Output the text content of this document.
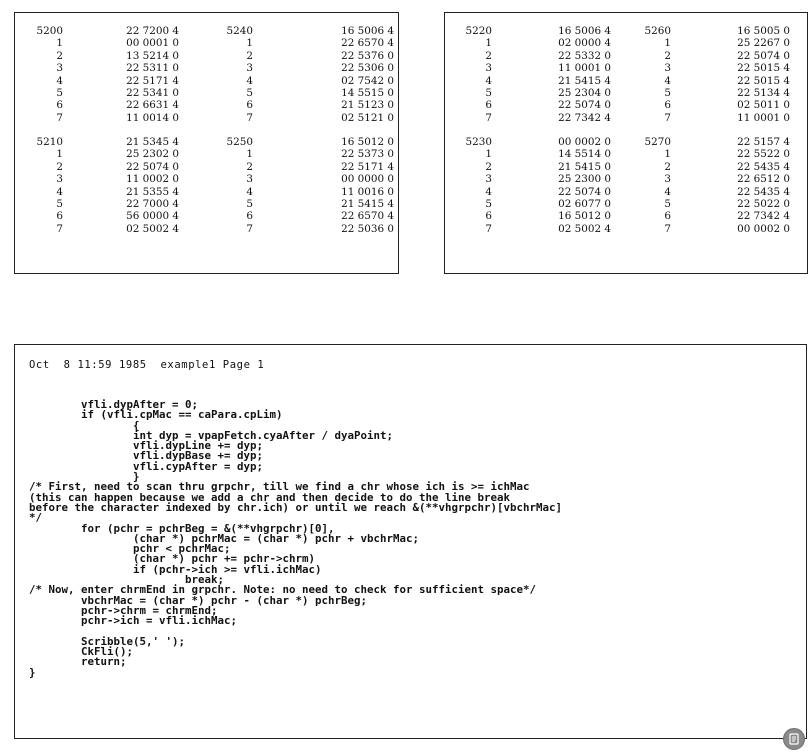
5200	22 7200 4	5240	16 5006 4
1	00 0001 0	1	22 6570 4
2	13 5214 0	2	22 5376 0
3	22 5311 0	3	22 5306 0
4	22 5171 4	4	02 7542 0
5	22 5341 0	5	14 5515 0
6	22 6631 4	6	21 5123 0
7	11 0014 0	7	02 5121 0
5210	21 5345 4	5250	16 5012 0
1	25 2302 0	1	22 5373 0
2	22 5074 0	2	22 5171 4
3	11 0002 0	3	00 0000 0
4	21 5355 4	4	11 0016 0
5	22 7000 4	5	21 5415 4
6	56 0000 4	6	22 6570 4
7	02 5002 4	7	22 5036 0
5220	16 5006 4	5260	16 5005 0
1	02 0000 4	1	25 2267 0
2	22 5332 0	2	22 5074 0
3	11 0001 0	3	22 5015 4
4	21 5415 4	4	22 5015 4
5	25 2304 0	5	22 5134 4
6	22 5074 0	6	02 5011 0
7	22 7342 4	7	11 0001 0
5230	00 0002 0	5270	22 5157 4
1	14 5514 0	1	22 5522 0
2	21 5415 0	2	22 5435 4
3	25 2300 0	3	22 6512 0
4	22 5074 0	4	22 5435 4
5	02 6077 0	5	22 5022 0
6	16 5012 0	6	22 7342 4
7	02 5002 4	7	00 0002 0
Oct  8 11:59 1985  example1 Page 1
vfli.dypAfter = 0;
if (vfli.cpMac == caPara.cpLim)
{
int dyp = vpapFetch.cyaAfter / dyaPoint;
vfli.dypLine += dyp;
vfli.dypBase += dyp;
vfli.cypAfter = dyp;
}
/* First, need to scan thru grpchr, till we find a chr whose ich is >= ichMac
(this can happen because we add a chr and then decide to do the line break
before the character indexed by chr.ich) or until we reach &(**vhgrpchr)[vbchrMac]
*/
for (pchr = pchrBeg = &(**vhgrpchr)[0],
(char *) pchrMac = (char *) pchr + vbchrMac;
pchr < pchrMac;
(char *) pchr += pchr->chrm)
if (pchr->ich >= vfli.ichMac)
break;
/* Now, enter chrmEnd in grpchr. Note: no need to check for sufficient space*/
vbchrMac = (char *) pchr - (char *) pchrBeg;
pchr->chrm = chrmEnd;
pchr->ich = vfli.ichMac;

Scribble(5,' ');
CkFli();
return;
}
